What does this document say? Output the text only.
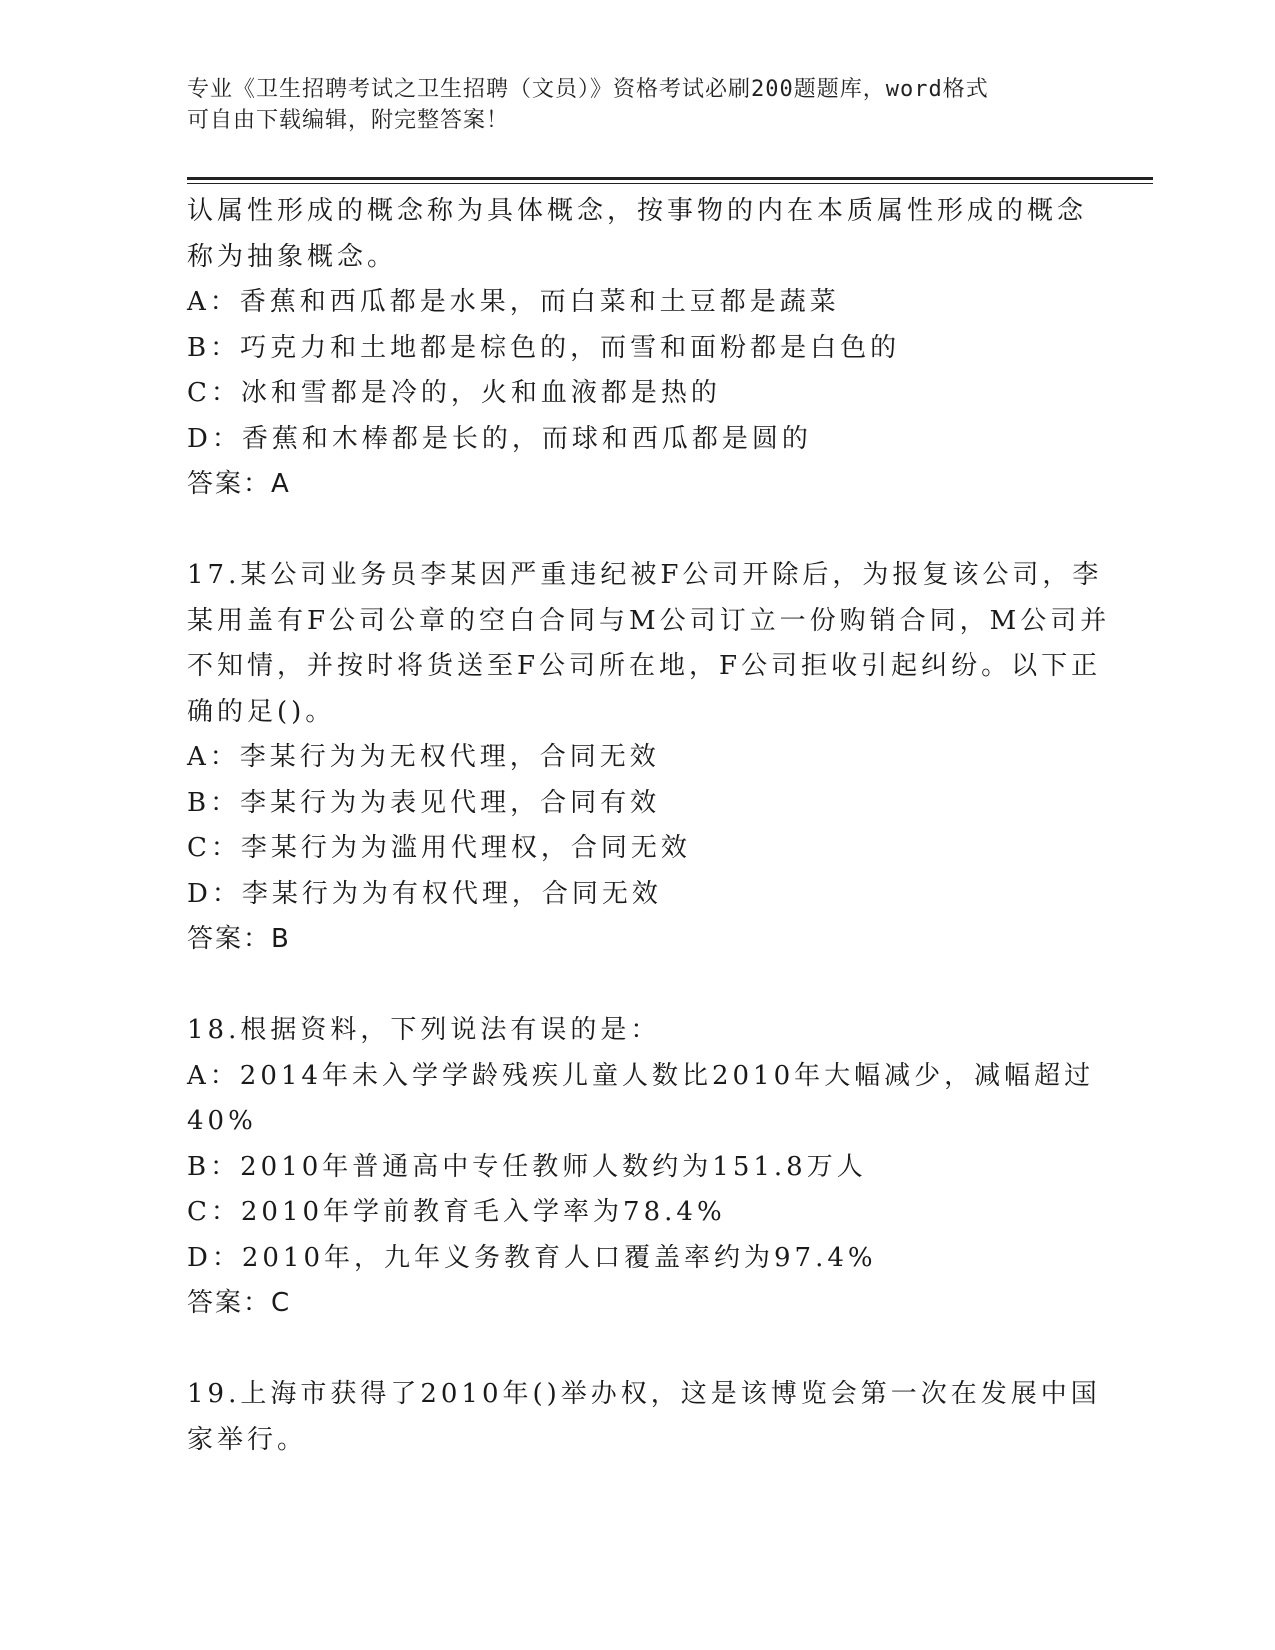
专业《卫生招聘考试之卫生招聘（文员）》资格考试必刷200题题库，word格式
可自由下载编辑，附完整答案！

认属性形成的概念称为具体概念，按事物的内在本质属性形成的概念

称为抽象概念。

A：香蕉和西瓜都是水果，而白菜和土豆都是蔬菜

B：巧克力和土地都是棕色的，而雪和面粉都是白色的

C：冰和雪都是冷的，火和血液都是热的

D：香蕉和木棒都是长的，而球和西瓜都是圆的

答案：A

17.某公司业务员李某因严重违纪被F公司开除后，为报复该公司，李

某用盖有F公司公章的空白合同与M公司订立一份购销合同，M公司并

不知情，并按时将货送至F公司所在地，F公司拒收引起纠纷。以下正

确的足()。

A：李某行为为无权代理，合同无效

B：李某行为为表见代理，合同有效

C：李某行为为滥用代理权，合同无效

D：李某行为为有权代理，合同无效

答案：B

18.根据资料，下列说法有误的是：

A：2014年未入学学龄残疾儿童人数比2010年大幅减少，减幅超过

40%

B：2010年普通高中专任教师人数约为151.8万人

C：2010年学前教育毛入学率为78.4%

D：2010年，九年义务教育人口覆盖率约为97.4%

答案：C

19.上海市获得了2010年()举办权，这是该博览会第一次在发展中国

家举行。
